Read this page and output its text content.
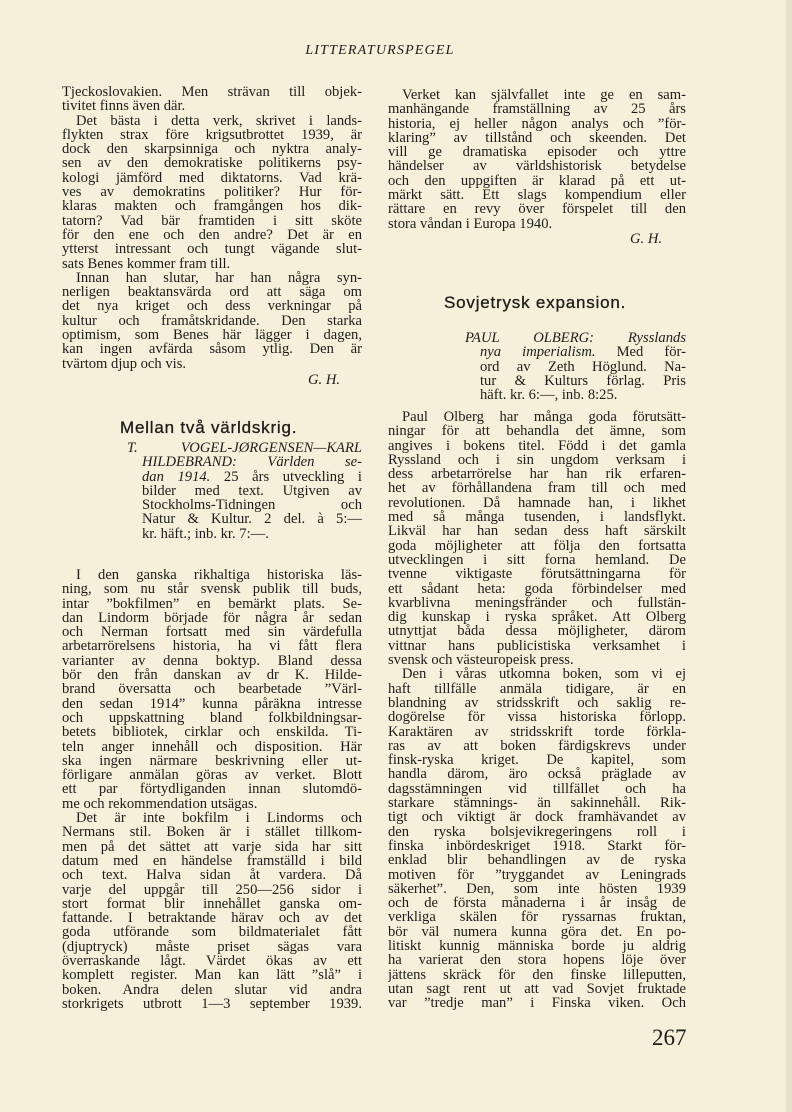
LITTERATURSPEGEL
Tjeckoslovakien. Men strävan till objek-
tivitet finns även där.
Det bästa i detta verk, skrivet i lands-
flykten strax före krigsutbrottet 1939, är
dock den skarpsinniga och nyktra analy-
sen av den demokratiske politikerns psy-
kologi jämförd med diktatorns. Vad krä-
ves av demokratins politiker? Hur för-
klaras makten och framgången hos dik-
tatorn? Vad bär framtiden i sitt sköte
för den ene och den andre? Det är en
ytterst intressant och tungt vägande slut-
sats Benes kommer fram till.
Innan han slutar, har han några syn-
nerligen beaktansvärda ord att säga om
det nya kriget och dess verkningar på
kultur och framåtskridande. Den starka
optimism, som Benes här lägger i dagen,
kan ingen avfärda såsom ytlig. Den är
tvärtom djup och vis.
G. H.
Mellan två världskrig.
T. VOGEL-JØRGENSEN—KARL
HILDEBRAND: Världen se-
dan 1914. 25 års utveckling i
bilder med text. Utgiven av
Stockholms-Tidningen och
Natur & Kultur. 2 del. à 5:—
kr. häft.; inb. kr. 7:—.
I den ganska rikhaltiga historiska läs-
ning, som nu står svensk publik till buds,
intar ”bokfilmen” en bemärkt plats. Se-
dan Lindorm började för några år sedan
och Nerman fortsatt med sin värdefulla
arbetarrörelsens historia, ha vi fått flera
varianter av denna boktyp. Bland dessa
bör den från danskan av dr K. Hilde-
brand översatta och bearbetade ”Värl-
den sedan 1914” kunna påräkna intresse
och uppskattning bland folkbildningsar-
betets bibliotek, cirklar och enskilda. Ti-
teln anger innehåll och disposition. Här
ska ingen närmare beskrivning eller ut-
förligare anmälan göras av verket. Blott
ett par förtydliganden innan slutomdö-
me och rekommendation utsägas.
Det är inte bokfilm i Lindorms och
Nermans stil. Boken är i stället tillkom-
men på det sättet att varje sida har sitt
datum med en händelse framställd i bild
och text. Halva sidan åt vardera. Då
varje del uppgår till 250—256 sidor i
stort format blir innehållet ganska om-
fattande. I betraktande härav och av det
goda utförande som bildmaterialet fått
(djuptryck) måste priset sägas vara
överraskande lågt. Värdet ökas av ett
komplett register. Man kan lätt ”slå” i
boken. Andra delen slutar vid andra
storkrigets utbrott 1—3 september 1939.
Verket kan självfallet inte ge en sam-
manhängande framställning av 25 års
historia, ej heller någon analys och ”för-
klaring” av tillstånd och skeenden. Det
vill ge dramatiska episoder och yttre
händelser av världshistorisk betydelse
och den uppgiften är klarad på ett ut-
märkt sätt. Ett slags kompendium eller
rättare en revy över förspelet till den
stora våndan i Europa 1940.
G. H.
Sovjetrysk expansion.
PAUL OLBERG: Rysslands
nya imperialism. Med för-
ord av Zeth Höglund. Na-
tur & Kulturs förlag. Pris
häft. kr. 6:—, inb. 8:25.
Paul Olberg har många goda förutsätt-
ningar för att behandla det ämne, som
angives i bokens titel. Född i det gamla
Ryssland och i sin ungdom verksam i
dess arbetarrörelse har han rik erfaren-
het av förhållandena fram till och med
revolutionen. Då hamnade han, i likhet
med så många tusenden, i landsflykt.
Likväl har han sedan dess haft särskilt
goda möjligheter att följa den fortsatta
utvecklingen i sitt forna hemland. De
tvenne viktigaste förutsättningarna för
ett sådant heta: goda förbindelser med
kvarblivna meningsfränder och fullstän-
dig kunskap i ryska språket. Att Olberg
utnyttjat båda dessa möjligheter, därom
vittnar hans publicistiska verksamhet i
svensk och västeuropeisk press.
Den i våras utkomna boken, som vi ej
haft tillfälle anmäla tidigare, är en
blandning av stridsskrift och saklig re-
dogörelse för vissa historiska förlopp.
Karaktären av stridsskrift torde förkla-
ras av att boken färdigskrevs under
finsk-ryska kriget. De kapitel, som
handla därom, äro också präglade av
dagsstämningen vid tillfället och ha
starkare stämnings- än sakinnehåll. Rik-
tigt och viktigt är dock framhävandet av
den ryska bolsjevikregeringens roll i
finska inbördeskriget 1918. Starkt för-
enklad blir behandlingen av de ryska
motiven för ”tryggandet av Leningrads
säkerhet”. Den, som inte hösten 1939
och de första månaderna i år insåg de
verkliga skälen för ryssarnas fruktan,
bör väl numera kunna göra det. En po-
litiskt kunnig människa borde ju aldrig
ha varierat den stora hopens löje över
jättens skräck för den finske lilleputten,
utan sagt rent ut att vad Sovjet fruktade
var ”tredje man” i Finska viken. Och
267
